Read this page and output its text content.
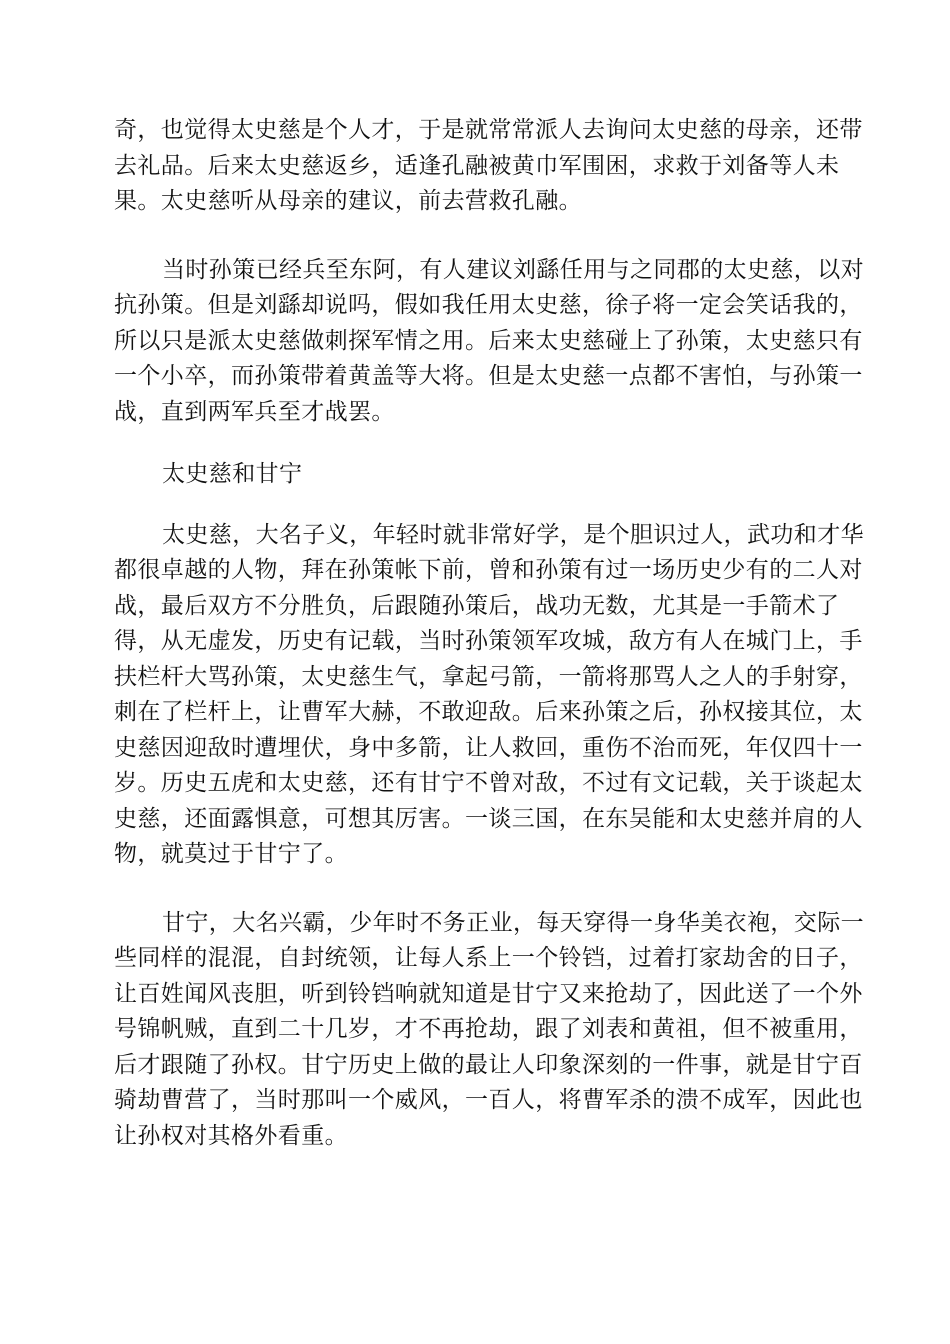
奇，也觉得太史慈是个人才，于是就常常派人去询问太史慈的母亲，还带
去礼品。后来太史慈返乡，适逢孔融被黄巾军围困，求救于刘备等人未
果。太史慈听从母亲的建议，前去营救孔融。

当时孙策已经兵至东阿，有人建议刘繇任用与之同郡的太史慈，以对
抗孙策。但是刘繇却说吗，假如我任用太史慈，徐子将一定会笑话我的，
所以只是派太史慈做刺探军情之用。后来太史慈碰上了孙策，太史慈只有
一个小卒，而孙策带着黄盖等大将。但是太史慈一点都不害怕，与孙策一
战，直到两军兵至才战罢。

太史慈和甘宁

太史慈，大名子义，年轻时就非常好学，是个胆识过人，武功和才华
都很卓越的人物，拜在孙策帐下前，曾和孙策有过一场历史少有的二人对
战，最后双方不分胜负，后跟随孙策后，战功无数，尤其是一手箭术了
得，从无虚发，历史有记载，当时孙策领军攻城，敌方有人在城门上，手
扶栏杆大骂孙策，太史慈生气，拿起弓箭，一箭将那骂人之人的手射穿，
刺在了栏杆上，让曹军大赫，不敢迎敌。后来孙策之后，孙权接其位，太
史慈因迎敌时遭埋伏，身中多箭，让人救回，重伤不治而死，年仅四十一
岁。历史五虎和太史慈，还有甘宁不曾对敌，不过有文记载，关于谈起太
史慈，还面露惧意，可想其厉害。一谈三国，在东吴能和太史慈并肩的人
物，就莫过于甘宁了。

甘宁，大名兴霸，少年时不务正业，每天穿得一身华美衣袍，交际一
些同样的混混，自封统领，让每人系上一个铃铛，过着打家劫舍的日子，
让百姓闻风丧胆，听到铃铛响就知道是甘宁又来抢劫了，因此送了一个外
号锦帆贼，直到二十几岁，才不再抢劫，跟了刘表和黄祖，但不被重用，
后才跟随了孙权。甘宁历史上做的最让人印象深刻的一件事，就是甘宁百
骑劫曹营了，当时那叫一个威风，一百人，将曹军杀的溃不成军，因此也
让孙权对其格外看重。
